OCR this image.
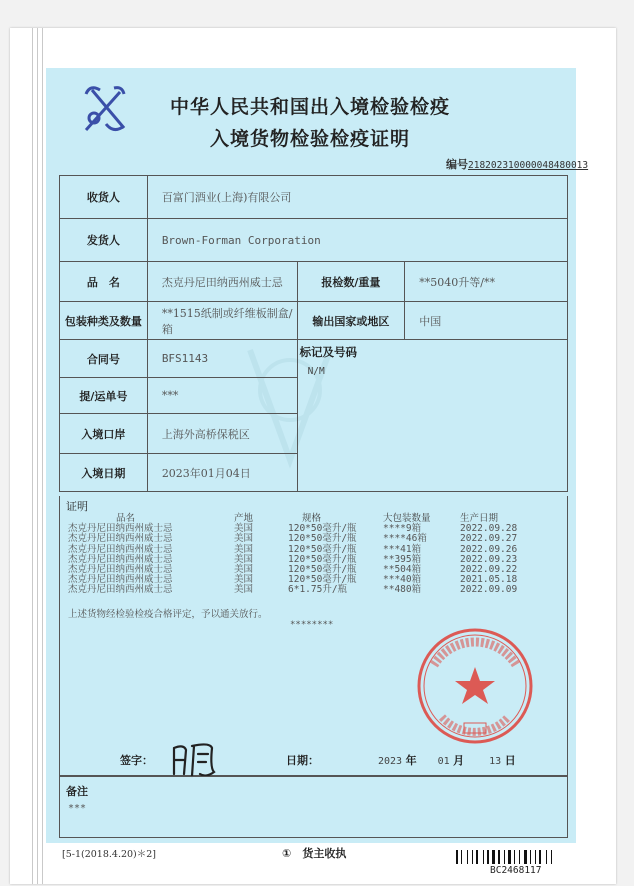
中华人民共和国出入境检验检疫
入境货物检验检疫证明
编号218202310000048480013
收货人	百富门酒业(上海)有限公司		
发货人	Brown-Forman Corporation		
品　名	杰克丹尼田纳西州威士忌	报检数/重量	**5040升等/**
包装种类及数量	**1515纸制或纤维板制盒/箱	输出国家或地区	中国
合同号	BFS1143	标记及号码
N/M	

提/运单号	***		
入境口岸	上海外高桥保税区		
入境日期	2023年01月04日		
证明
品名	产地	规格	大包装数量	生产日期
杰克丹尼田纳西州威士忌	美国	120*50毫升/瓶	****9箱	2022.09.28
杰克丹尼田纳西州威士忌	美国	120*50毫升/瓶	****46箱	2022.09.27
杰克丹尼田纳西州威士忌	美国	120*50毫升/瓶	***41箱	2022.09.26
杰克丹尼田纳西州威士忌	美国	120*50毫升/瓶	**395箱	2022.09.23
杰克丹尼田纳西州威士忌	美国	120*50毫升/瓶	**504箱	2022.09.22
杰克丹尼田纳西州威士忌	美国	120*50毫升/瓶	***40箱	2021.05.18
杰克丹尼田纳西州威士忌	美国	6*1.75升/瓶	**480箱	2022.09.09
上述货物经检验检疫合格评定，予以通关放行。
********
签字：	日期：	2023 年 01 月	13 日
备注
***
[5-1(2018.4.20)＊2]	①　货主收执
BC2468117
